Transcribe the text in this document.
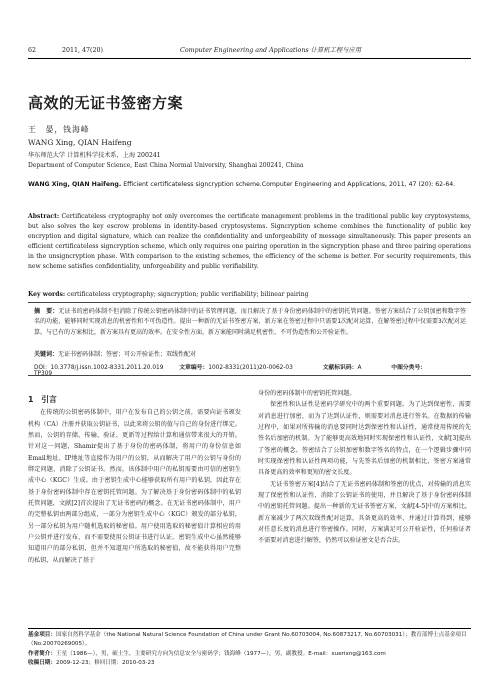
62	2011, 47(20)	Computer Engineering and Applications 计算机工程与应用
高效的无证书签密方案
王　晏，钱海峰
WANG Xing, QIAN Haifeng
华东师范大学 计算机科学技术系，上海 200241
Department of Computer Science, East China Normal University, Shanghai 200241, China
WANG Xing, QIAN Haifeng. Efficient certificateless signcryption scheme.Computer Engineering and Applications, 2011, 47 (20): 62-64.
Abstract: Certificateless cryptography not only overcomes the certificate management problems in the traditional public key cryptosystems, but also solves the key escrow problems in identity-based cryptosystems. Signcryption scheme combines the functionality of public key encryption and digital signature, which can realize the confidentiality and unforgeability of message simultaneously. This paper presents an efficient certificateless signcryption scheme, which only requires one pairing operation in the signcryption phase and three pairing operations in the unsigncryption phase. With comparison to the existing schemes, the efficiency of the scheme is better. For security requirements, this new scheme satisfies confidentiality, unforgeability and public verifiability.
Key words: certificateless cryptography; signcryption; public verifiability; bilinear pairing
摘　要：无证书的密码体制不但消除了传统公钥密码体制中的证书管理问题，而且解决了基于身份密码体制中的密钥托管问题。签密方案结合了公钥加密和数字签名的功能，能够同时实现消息的机密性和不可伪造性。提出一种新的无证书签密方案，新方案在签密过程中只需要1次配对运算，在解签密过程中仅需要3次配对运算。与已有的方案相比，新方案具有更高的效率。在安全性方面，新方案能同时满足机密性、不可伪造性和公开验证性。
关键词：无证书密码体制；签密；可公开验证性；双线性配对
DOI：10.3778/j.issn.1002-8331.2011.20.019	文章编号：1002-8331(2011)20-0062-03	文献标识码：A	中图分类号：TP309
1　引言

在传统的公钥密码体制中，用户在发布自己的公钥之前，需要向证书颁发机构（CA）注册并获取公钥证书，以此来将公钥的值与自己的身份进行绑定。然而，公钥的存储、传输、验证、更新等过程给计算和通信带来很大的开销。针对这一问题，Shamir提出了基于身份的密码体制，将用户的身份信息如Email地址、IP地址等直接作为用户的公钥，从而解决了用户的公钥与身份的绑定问题，消除了公钥证书。然而，该体制中用户的私钥需要由可信的密钥生成中心（KGC）生成。由于密钥生成中心能够获取所有用户的私钥，因此存在基于身份密码体制中存在密钥托管问题。为了解决基于身份密码体制中的私钥托管问题，文献[2]首次提出了无证书密码的概念。在无证书密码体制中，用户的完整私钥由两部分组成，一部分为密钥生成中心（KGC）颁发的部分私钥，另一部分私钥为用户随机选取的秘密值。用户使用选取的秘密值计算相应的用户公钥并进行发布，而不需要使用公钥证书进行认证。密钥生成中心虽然能够知道用户的部分私钥，但并不知道用户所选取的秘密值，故不能获得用户完整的私钥，从而解决了基于

身份的密码体制中的密钥托管问题。

保密性和认证性是密码学研究中的两个重要问题。为了达到保密性，需要对消息进行加密，而为了达到认证性，则需要对消息进行签名。在数据的传输过程中，如果对所传输的消息要同时达到保密性和认证性，通常使用传统的先签名后加密的机制。为了能够更高效地同时实现保密性和认证性，文献[3]提出了签密的概念。签密结合了公钥加密和数字签名的特点，在一个逻辑步骤中同时实现保密性和认证性两项功能，与先签名后加密的机制相比，签密方案通常具备更高的效率和更短的密文长度。

无证书签密方案[4]结合了无证书密码体制和签密的优点，对传输的消息实现了保密性和认证性，消除了公钥证书的使用，并且解决了基于身份密码体制中的密钥托管问题。提出一种新的无证书签密方案，文献[4-5]中的方案相比，新方案减少了两次双线性配对运算，具备更高的效率，并通过计算得到，能够对任意长度的消息进行签密操作。同时，方案满足可公开验证性，任何验证者不需要对消息进行解签，仍然可以验证密文是否合法。

基金项目：国家自然科学基金（the National Natural Science Foundation of China under Grant No.60703004, No.60873217, No.60703031）；教育部博士点基金项目（No.20070269005）。
作者简介：王星（1986—），男，硕士生，主要研究方向为信息安全与密码学；钱海峰（1977—），男，副教授。E-mail：xuerixng@163.com
收稿日期：2009-12-23；修回日期：2010-03-23
